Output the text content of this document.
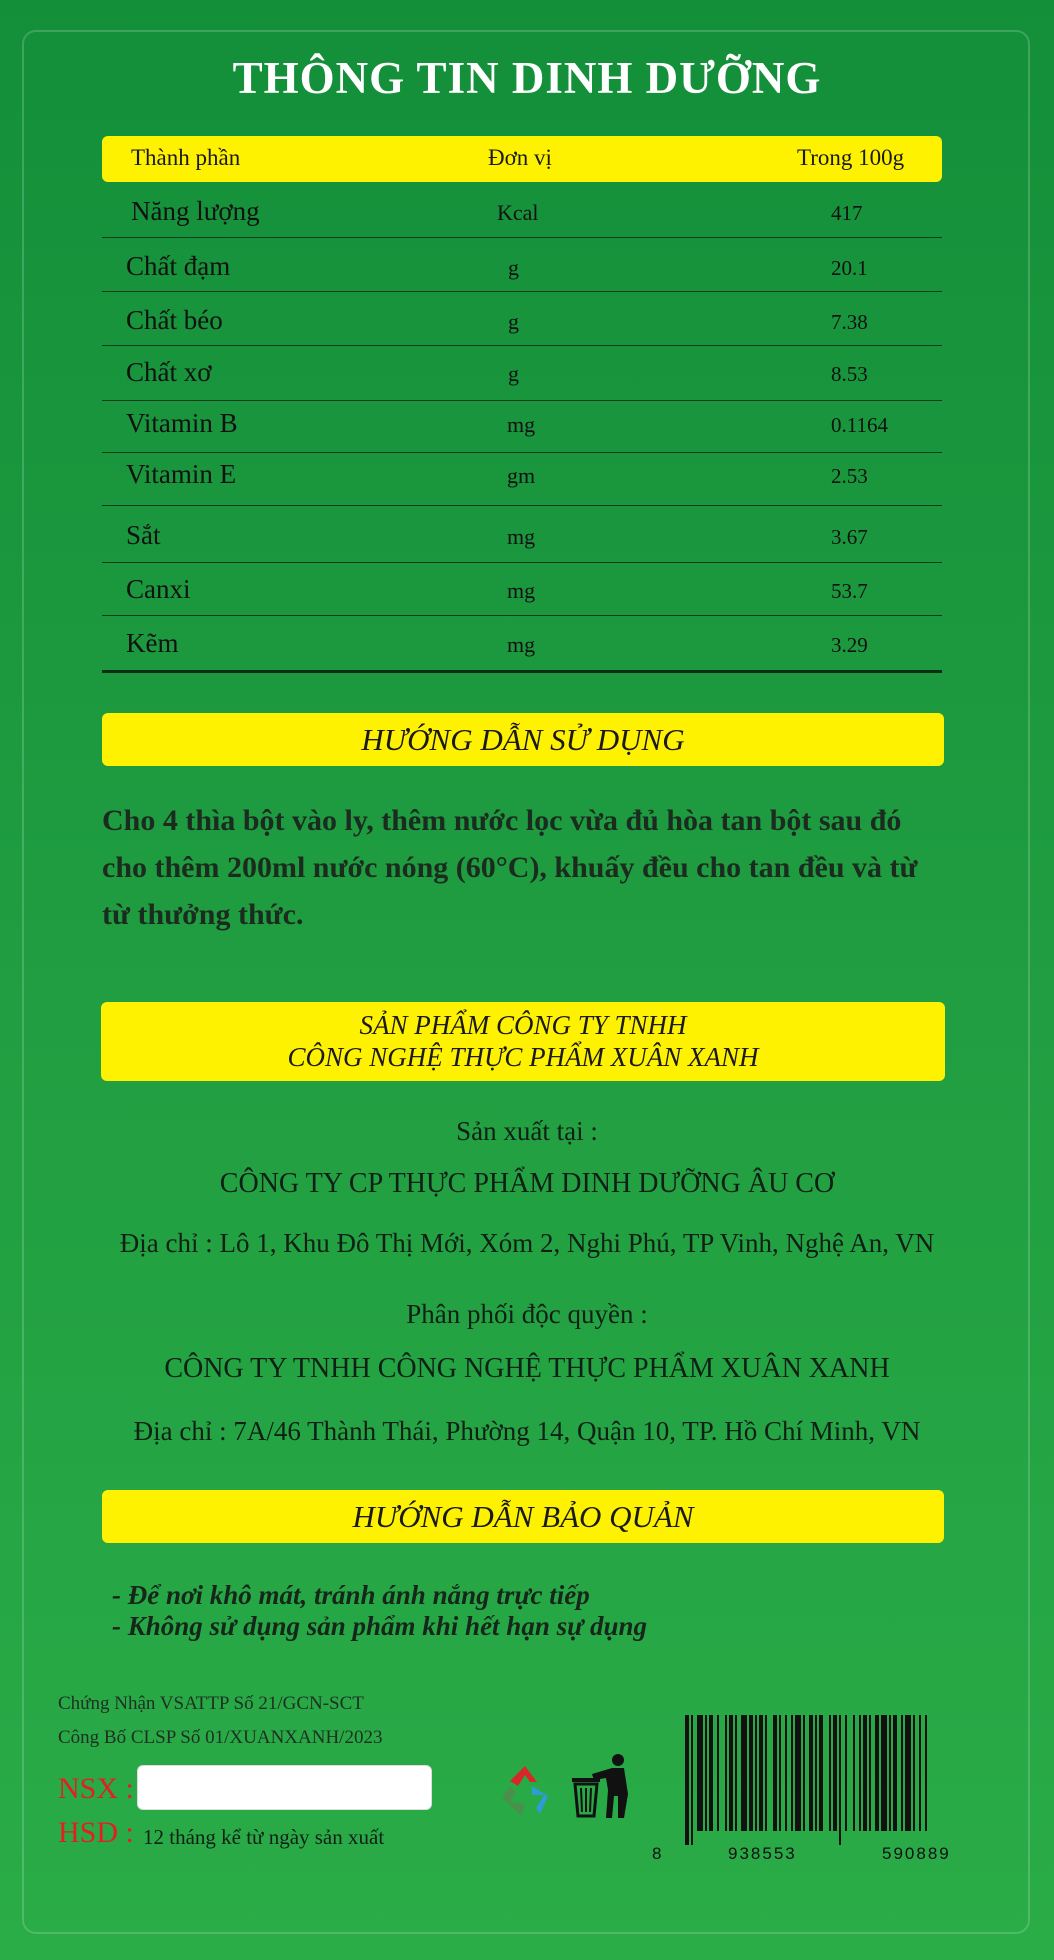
THÔNG TIN DINH DƯỠNG
Thành phần	Đơn vị	Trong 100g
Năng lượng	Kcal	417
Chất đạm	g	20.1
Chất béo	g	7.38
Chất xơ	g	8.53
Vitamin B	mg	0.1164
Vitamin E	gm	2.53
Sắt	mg	3.67
Canxi	mg	53.7
Kẽm	mg	3.29
HƯỚNG DẪN SỬ DỤNG
Cho 4 thìa bột vào ly, thêm nước lọc vừa đủ hòa tan bột sau đó cho thêm 200ml nước nóng (60°C), khuấy đều cho tan đều và từ từ thưởng thức.
SẢN PHẨM CÔNG TY TNHH
CÔNG NGHỆ THỰC PHẨM XUÂN XANH
Sản xuất tại :
CÔNG TY CP THỰC PHẨM DINH DƯỠNG ÂU CƠ
Địa chỉ : Lô 1, Khu Đô Thị Mới, Xóm 2, Nghi Phú, TP Vinh, Nghệ An, VN
Phân phối độc quyền :
CÔNG TY TNHH CÔNG NGHỆ THỰC PHẨM XUÂN XANH
Địa chỉ : 7A/46 Thành Thái, Phường 14, Quận 10, TP. Hồ Chí Minh, VN
HƯỚNG DẪN BẢO QUẢN
- Để nơi khô mát, tránh ánh nắng trực tiếp
- Không sử dụng sản phẩm khi hết hạn sự dụng
Chứng Nhận VSATTP Số 21/GCN-SCT
Công Bố CLSP Số 01/XUANXANH/2023
NSX :
HSD : 12 tháng kể từ ngày sản xuất
8	938553	590889
